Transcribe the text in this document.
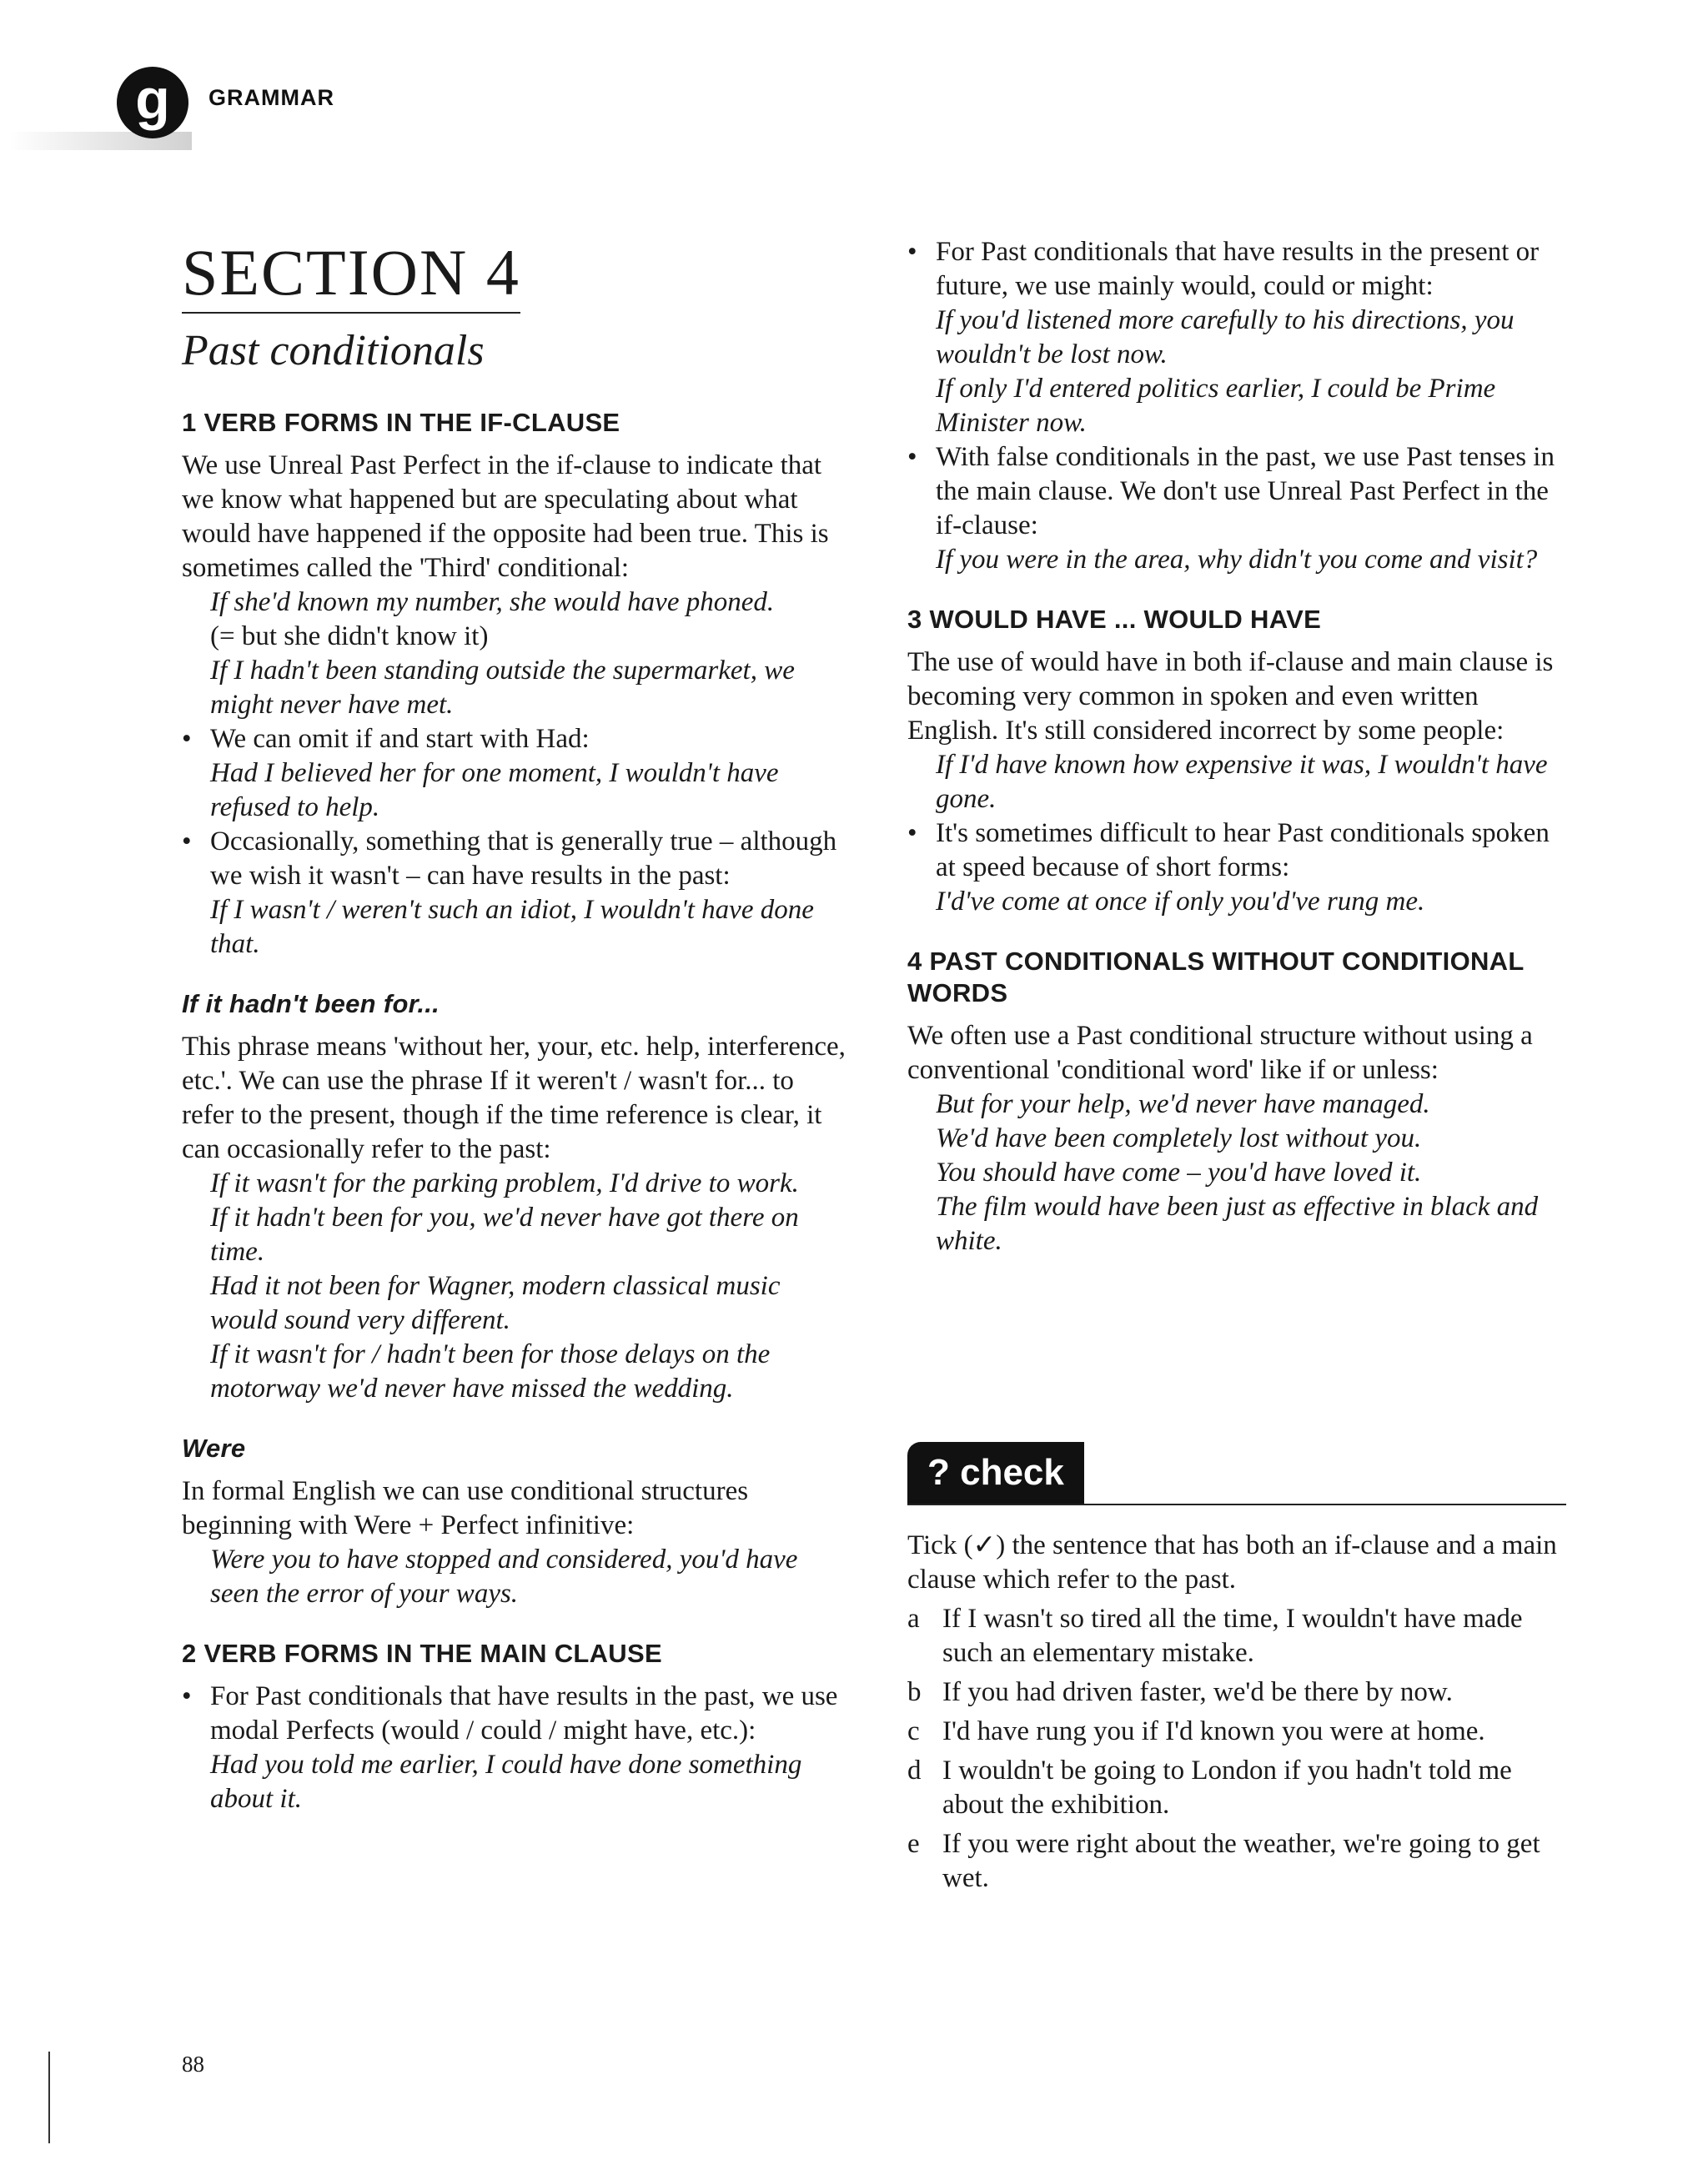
g	GRAMMAR
SECTION 4
Past conditionals
1 VERB FORMS IN THE IF-CLAUSE

We use Unreal Past Perfect in the if-clause to indicate that we know what happened but are speculating about what would have happened if the opposite had been true. This is sometimes called the 'Third' conditional:

If she'd known my number, she would have phoned.

(= but she didn't know it)

If I hadn't been standing outside the supermarket, we might never have met.

• We can omit if and start with Had:

Had I believed her for one moment, I wouldn't have refused to help.

• Occasionally, something that is generally true – although we wish it wasn't – can have results in the past:

If I wasn't / weren't such an idiot, I wouldn't have done that.

If it hadn't been for...

This phrase means 'without her, your, etc. help, interference, etc.'. We can use the phrase If it weren't / wasn't for... to refer to the present, though if the time reference is clear, it can occasionally refer to the past:

If it wasn't for the parking problem, I'd drive to work.

If it hadn't been for you, we'd never have got there on time.

Had it not been for Wagner, modern classical music would sound very different.

If it wasn't for / hadn't been for those delays on the motorway we'd never have missed the wedding.

Were

In formal English we can use conditional structures beginning with Were + Perfect infinitive:

Were you to have stopped and considered, you'd have seen the error of your ways.

2 VERB FORMS IN THE MAIN CLAUSE

• For Past conditionals that have results in the past, we use modal Perfects (would / could / might have, etc.):

Had you told me earlier, I could have done something about it.

• For Past conditionals that have results in the present or future, we use mainly would, could or might:

If you'd listened more carefully to his directions, you wouldn't be lost now.

If only I'd entered politics earlier, I could be Prime Minister now.

• With false conditionals in the past, we use Past tenses in the main clause. We don't use Unreal Past Perfect in the if-clause:

If you were in the area, why didn't you come and visit?

3 WOULD HAVE ... WOULD HAVE

The use of would have in both if-clause and main clause is becoming very common in spoken and even written English. It's still considered incorrect by some people:

If I'd have known how expensive it was, I wouldn't have gone.

• It's sometimes difficult to hear Past conditionals spoken at speed because of short forms:

I'd've come at once if only you'd've rung me.

4 PAST CONDITIONALS WITHOUT CONDITIONAL WORDS

We often use a Past conditional structure without using a conventional 'conditional word' like if or unless:

But for your help, we'd never have managed.

We'd have been completely lost without you.

You should have come – you'd have loved it.

The film would have been just as effective in black and white.

? check

Tick (✓) the sentence that has both an if-clause and a main clause which refer to the past.

a If I wasn't so tired all the time, I wouldn't have made such an elementary mistake.
b If you had driven faster, we'd be there by now.
c I'd have rung you if I'd known you were at home.
d I wouldn't be going to London if you hadn't told me about the exhibition.
e If you were right about the weather, we're going to get wet.
88
